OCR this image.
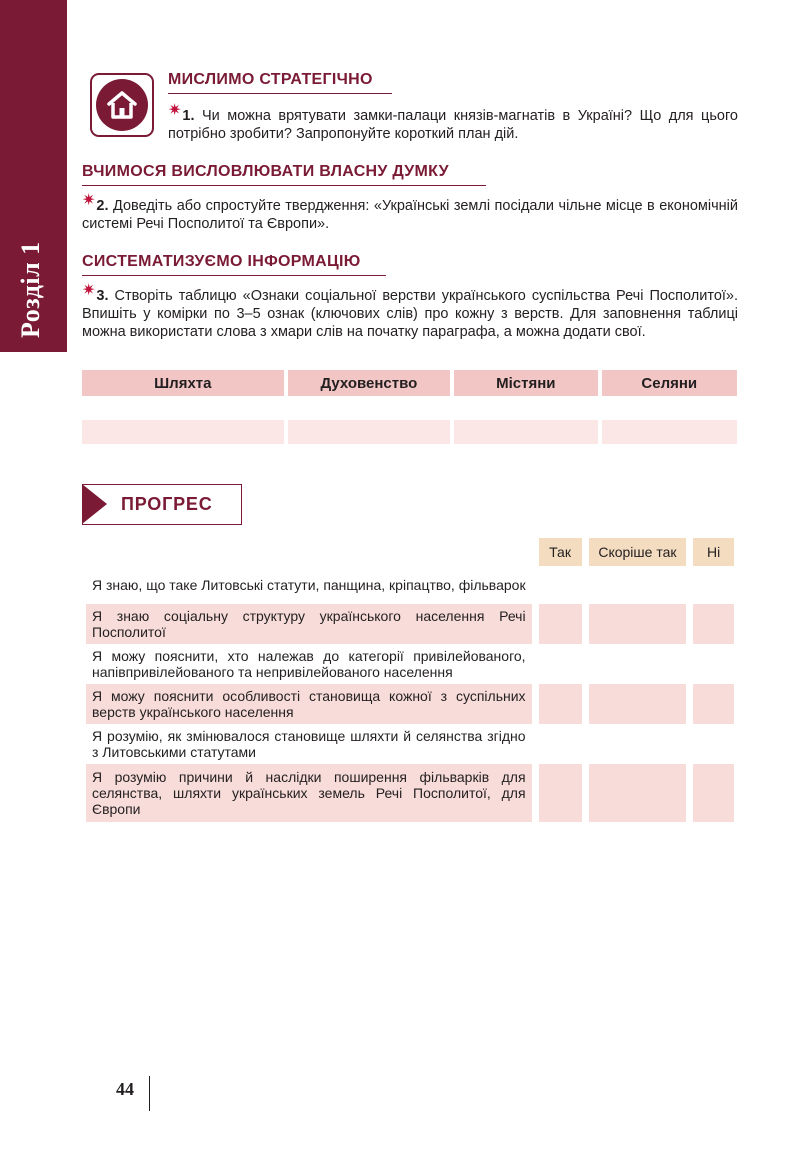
Розділ 1
МИСЛИМО СТРАТЕГІЧНО
✷1. Чи можна врятувати замки-палаци князів-магнатів в Україні? Що для цього потрібно зробити? Запропонуйте короткий план дій.
ВЧИМОСЯ ВИСЛОВЛЮВАТИ ВЛАСНУ ДУМКУ
✷2. Доведіть або спростуйте твердження: «Українські землі посідали чільне місце в економічній системі Речі Посполитої та Європи».
СИСТЕМАТИЗУЄМО ІНФОРМАЦІЮ
✷3. Створіть таблицю «Ознаки соціальної верстви українського суспільства Речі Посполитої». Впишіть у комірки по 3–5 ознак (ключових слів) про кожну з верств. Для заповнення таблиці можна використати слова з хмари слів на початку параграфа, а можна додати свої.
Шляхта	Духовенство	Містяни	Селяни

ПРОГРЕС
	Так	Скоріше так	Ні
Я знаю, що таке Литовські статути, панщина, кріпацтво, фільварок			
Я знаю соціальну структуру українського населення Речі Посполитої			
Я можу пояснити, хто належав до категорії привілейованого, напівпривілейованого та непривілейованого населення			
Я можу пояснити особливості становища кожної з суспільних верств українського населення			
Я розумію, як змінювалося становище шляхти й селянства згідно з Литовськими статутами			
Я розумію причини й наслідки поширення фільварків для селянства, шляхти українських земель Речі Посполитої, для Європи			
44
